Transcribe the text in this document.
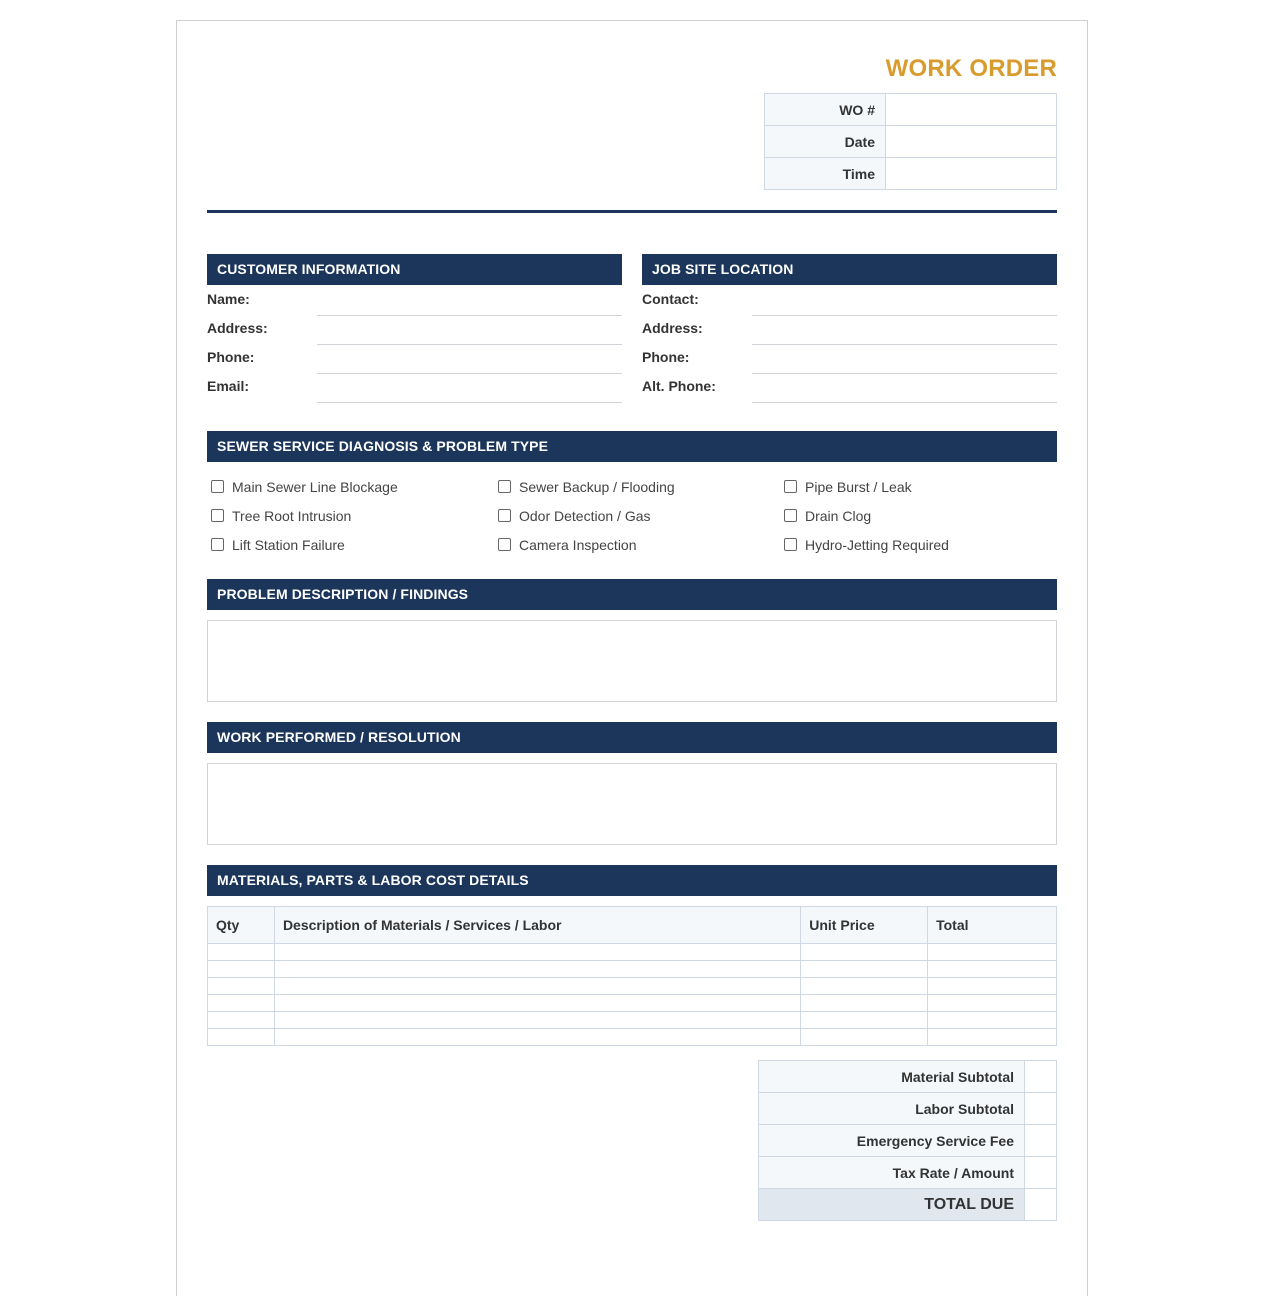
WORK ORDER
WO #	
Date	
Time	
CUSTOMER INFORMATION
Name:
Address:
Phone:
Email:
JOB SITE LOCATION
Contact:
Address:
Phone:
Alt. Phone:
SEWER SERVICE DIAGNOSIS & PROBLEM TYPE
Main Sewer Line Blockage	Sewer Backup / Flooding	Pipe Burst / Leak
Tree Root Intrusion	Odor Detection / Gas	Drain Clog
Lift Station Failure	Camera Inspection	Hydro-Jetting Required
PROBLEM DESCRIPTION / FINDINGS
WORK PERFORMED / RESOLUTION
MATERIALS, PARTS & LABOR COST DETAILS
Qty	Description of Materials / Services / Labor	Unit Price	Total

Material Subtotal	
Labor Subtotal	
Emergency Service Fee	
Tax Rate / Amount	
TOTAL DUE	
